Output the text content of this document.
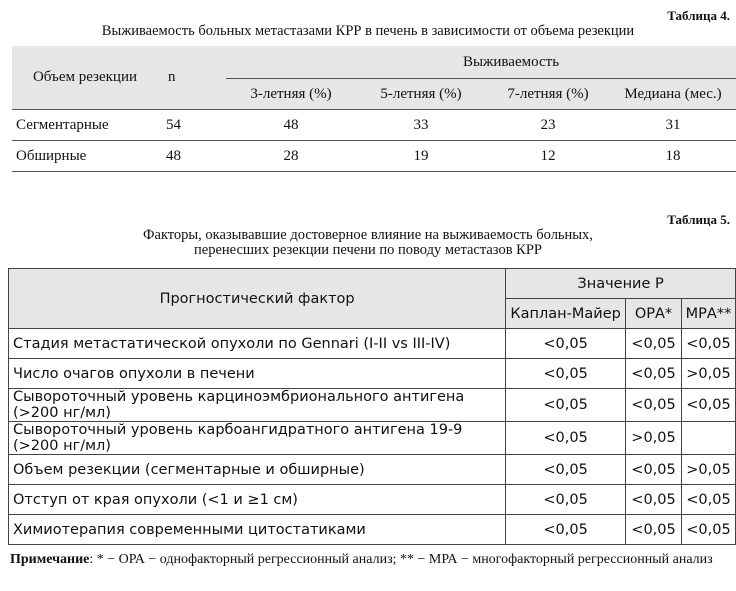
Таблица 4.
Выживаемость больных метастазами КРР в печень в зависимости от объема резекции
Объем резекции	n	Выживаемость			
		3-летняя (%)	5-летняя (%)	7-летняя (%)	Медиана (мес.)
Сегментарные	54	48	33	23	31
Обширные	48	28	19	12	18
Таблица 5.
Факторы, оказывавшие достоверное влияние на выживаемость больных,
перенесших резекции печени по поводу метастазов КРР
Прогностический фактор	Значение Р		
	Каплан-Майер	ОРА*	МРА**
Стадия метастатической опухоли по Gennari (I-II vs III-IV)	<0,05	<0,05	<0,05
Число очагов опухоли в печени	<0,05	<0,05	>0,05
Сывороточный уровень карциноэмбрионального антигена (>200 нг/мл)	<0,05	<0,05	<0,05
Сывороточный уровень карбоангидратного антигена 19-9 (>200 нг/мл)	<0,05	>0,05	
Объем резекции (сегментарные и обширные)	<0,05	<0,05	>0,05
Отступ от края опухоли (<1 и ≥1 см)	<0,05	<0,05	<0,05
Химиотерапия современными цитостатиками	<0,05	<0,05	<0,05
Примечание: * − ОРА − однофакторный регрессионный анализ; ** − МРА − многофакторный регрессионный анализ
